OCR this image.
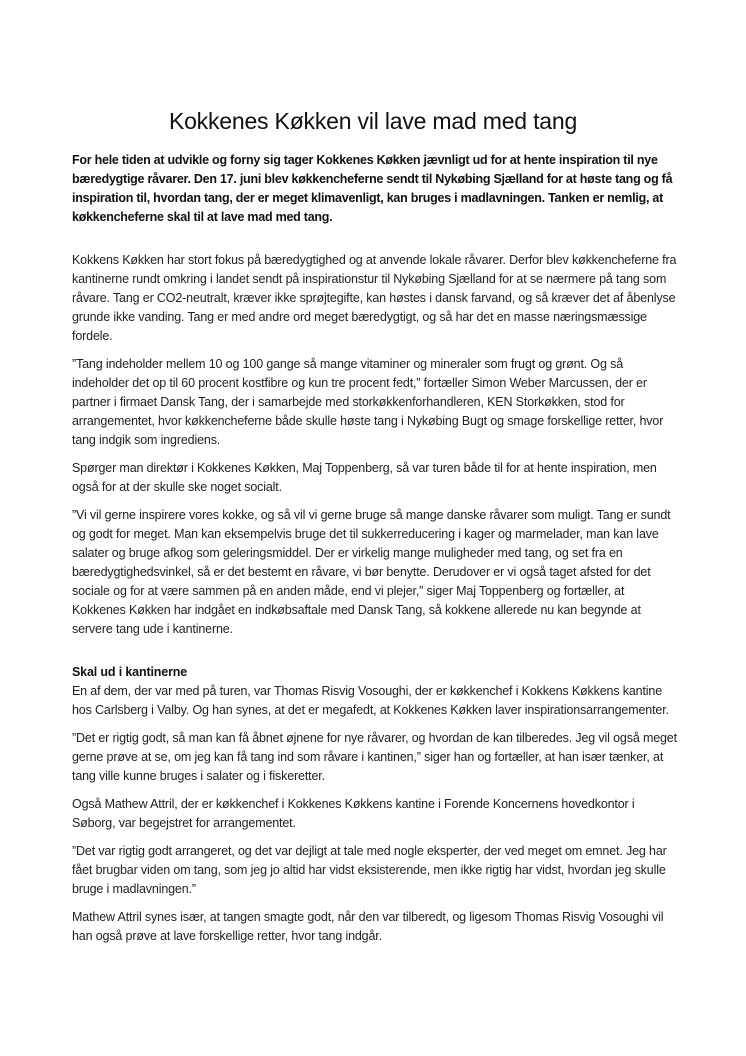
Kokkenes Køkken vil lave mad med tang

For hele tiden at udvikle og forny sig tager Kokkenes Køkken jævnligt ud for at hente inspiration til nye bæredygtige råvarer. Den 17. juni blev køkkencheferne sendt til Nykøbing Sjælland for at høste tang og få inspiration til, hvordan tang, der er meget klimavenligt, kan bruges i madlavningen. Tanken er nemlig, at køkkencheferne skal til at lave mad med tang.

Kokkens Køkken har stort fokus på bæredygtighed og at anvende lokale råvarer. Derfor blev køkkencheferne fra kantinerne rundt omkring i landet sendt på inspirationstur til Nykøbing Sjælland for at se nærmere på tang som råvare. Tang er CO2-neutralt, kræver ikke sprøjtegifte, kan høstes i dansk farvand, og så kræver det af åbenlyse grunde ikke vanding. Tang er med andre ord meget bæredygtigt, og så har det en masse næringsmæssige fordele.

”Tang indeholder mellem 10 og 100 gange så mange vitaminer og mineraler som frugt og grønt. Og så indeholder det op til 60 procent kostfibre og kun tre procent fedt,” fortæller Simon Weber Marcussen, der er partner i firmaet Dansk Tang, der i samarbejde med storkøkkenforhandleren, KEN Storkøkken, stod for arrangementet, hvor køkkencheferne både skulle høste tang i Nykøbing Bugt og smage forskellige retter, hvor tang indgik som ingrediens.

Spørger man direktør i Kokkenes Køkken, Maj Toppenberg, så var turen både til for at hente inspiration, men også for at der skulle ske noget socialt.

”Vi vil gerne inspirere vores kokke, og så vil vi gerne bruge så mange danske råvarer som muligt. Tang er sundt og godt for meget. Man kan eksempelvis bruge det til sukkerreducering i kager og marmelader, man kan lave salater og bruge afkog som geleringsmiddel. Der er virkelig mange muligheder med tang, og set fra en bæredygtighedsvinkel, så er det bestemt en råvare, vi bør benytte. Derudover er vi også taget afsted for det sociale og for at være sammen på en anden måde, end vi plejer,” siger Maj Toppenberg og fortæller, at Kokkenes Køkken har indgået en indkøbsaftale med Dansk Tang, så kokkene allerede nu kan begynde at servere tang ude i kantinerne.

Skal ud i kantinerne

En af dem, der var med på turen, var Thomas Risvig Vosoughi, der er køkkenchef i Kokkens Køkkens kantine hos Carlsberg i Valby. Og han synes, at det er megafedt, at Kokkenes Køkken laver inspirationsarrangementer.

”Det er rigtig godt, så man kan få åbnet øjnene for nye råvarer, og hvordan de kan tilberedes. Jeg vil også meget gerne prøve at se, om jeg kan få tang ind som råvare i kantinen,” siger han og fortæller, at han især tænker, at tang ville kunne bruges i salater og i fiskeretter.

Også Mathew Attril, der er køkkenchef i Kokkenes Køkkens kantine i Forende Koncernens hovedkontor i Søborg, var begejstret for arrangementet.

”Det var rigtig godt arrangeret, og det var dejligt at tale med nogle eksperter, der ved meget om emnet. Jeg har fået brugbar viden om tang, som jeg jo altid har vidst eksisterende, men ikke rigtig har vidst, hvordan jeg skulle bruge i madlavningen.”

Mathew Attril synes især, at tangen smagte godt, når den var tilberedt, og ligesom Thomas Risvig Vosoughi vil han også prøve at lave forskellige retter, hvor tang indgår.
